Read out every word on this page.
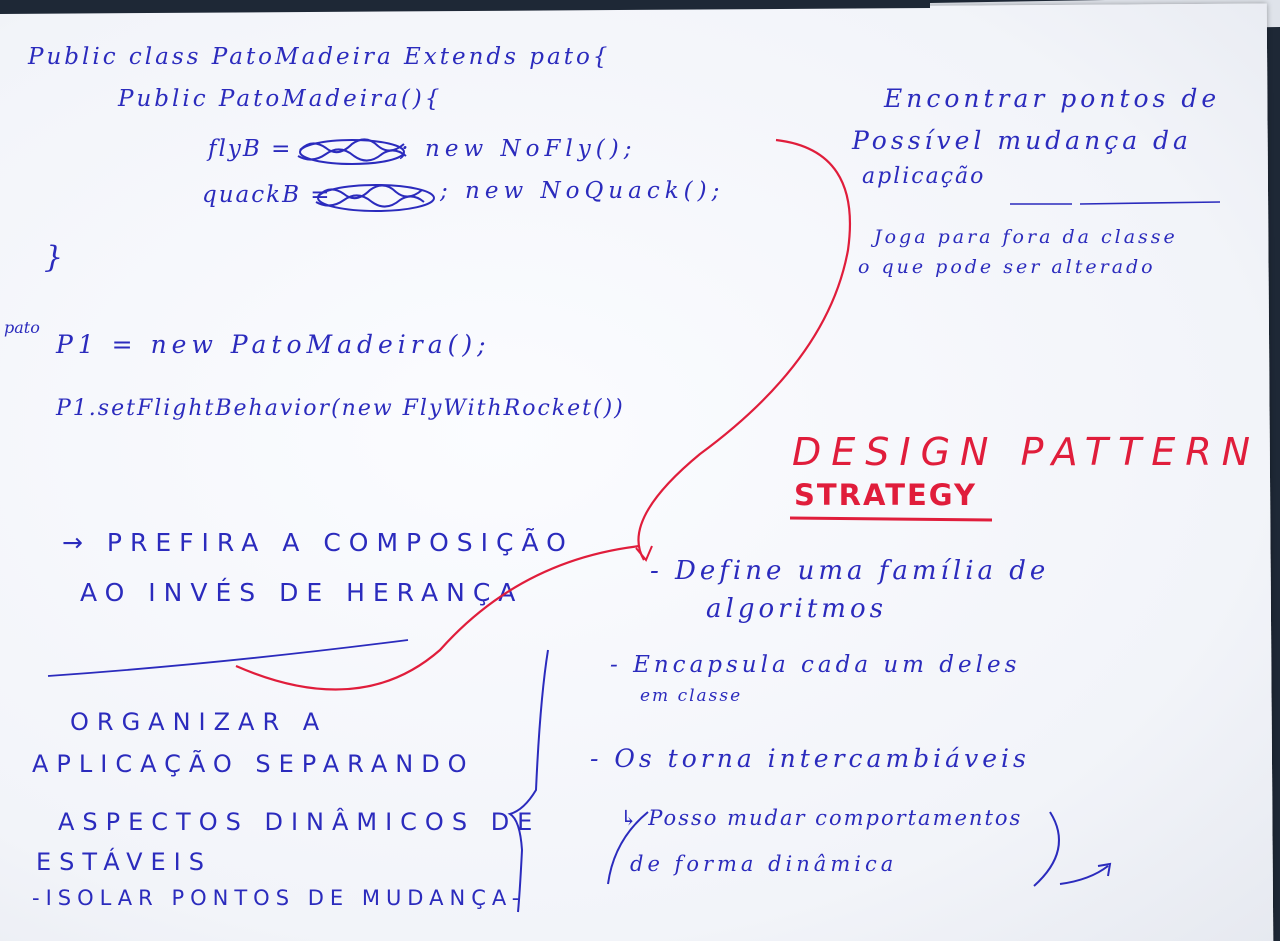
Public class PatoMadeira Extends pato{
Public PatoMadeira(){
flyB =	; new NoFly();
quackB =	; new NoQuack();
}
pato
P1 = new PatoMadeira();
P1.setFlightBehavior(new FlyWithRocket())
→ PREFIRA A COMPOSIÇÃO
AO INVÉS DE HERANÇA
ORGANIZAR A
APLICAÇÃO SEPARANDO
ASPECTOS DINÂMICOS DE
ESTÁVEIS
-ISOLAR PONTOS DE MUDANÇA-
Encontrar pontos de
Possível mudança da
aplicação
Joga para fora da classe
o que pode ser alterado
DESIGN PATTERN
STRATEGY
- Define uma família de
algoritmos
- Encapsula cada um deles
em classe
- Os torna intercambiáveis
↳ Posso mudar comportamentos
de forma dinâmica
